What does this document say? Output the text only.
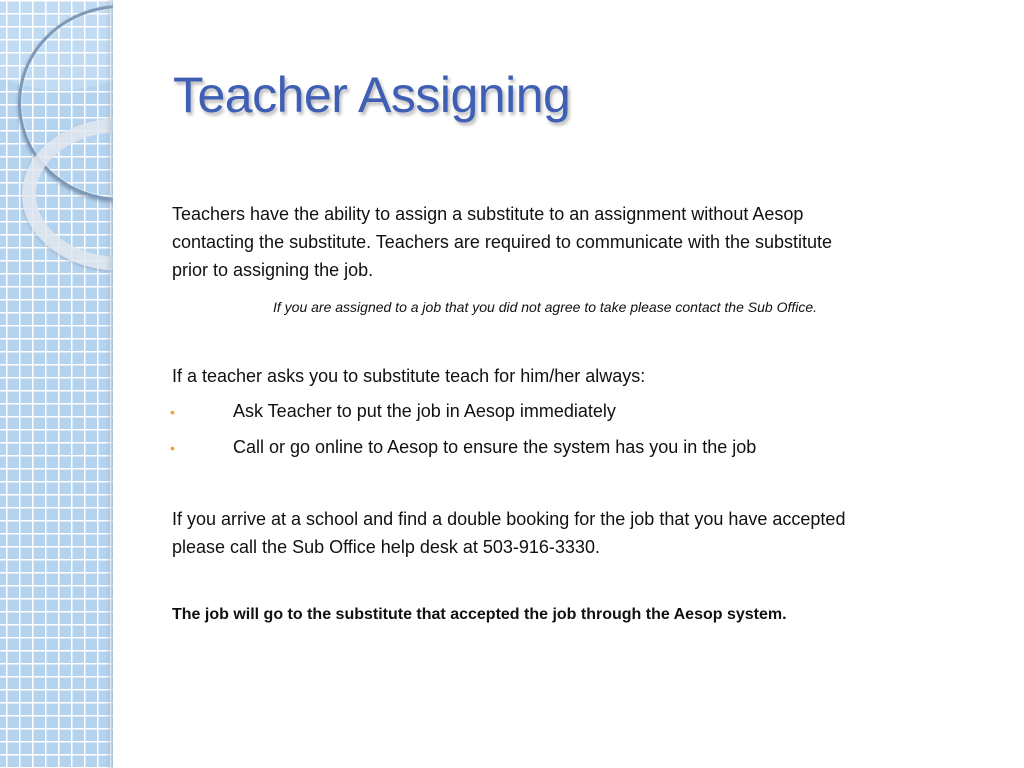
Teacher Assigning
Teachers have the ability to assign a substitute to an assignment without Aesop
contacting the substitute. Teachers are required to communicate with the substitute
prior to assigning the job.
If you are assigned to a job that you did not agree to take please contact the Sub Office.
If a teacher asks you to substitute teach for him/her always:
•	Ask Teacher to put the job in Aesop immediately
•	Call or go online to Aesop to ensure the system has you in the job
If you arrive at a school and find a double booking for the job that you have accepted
please call the Sub Office help desk at 503-916-3330.
The job will go to the substitute that accepted the job through the Aesop system.
